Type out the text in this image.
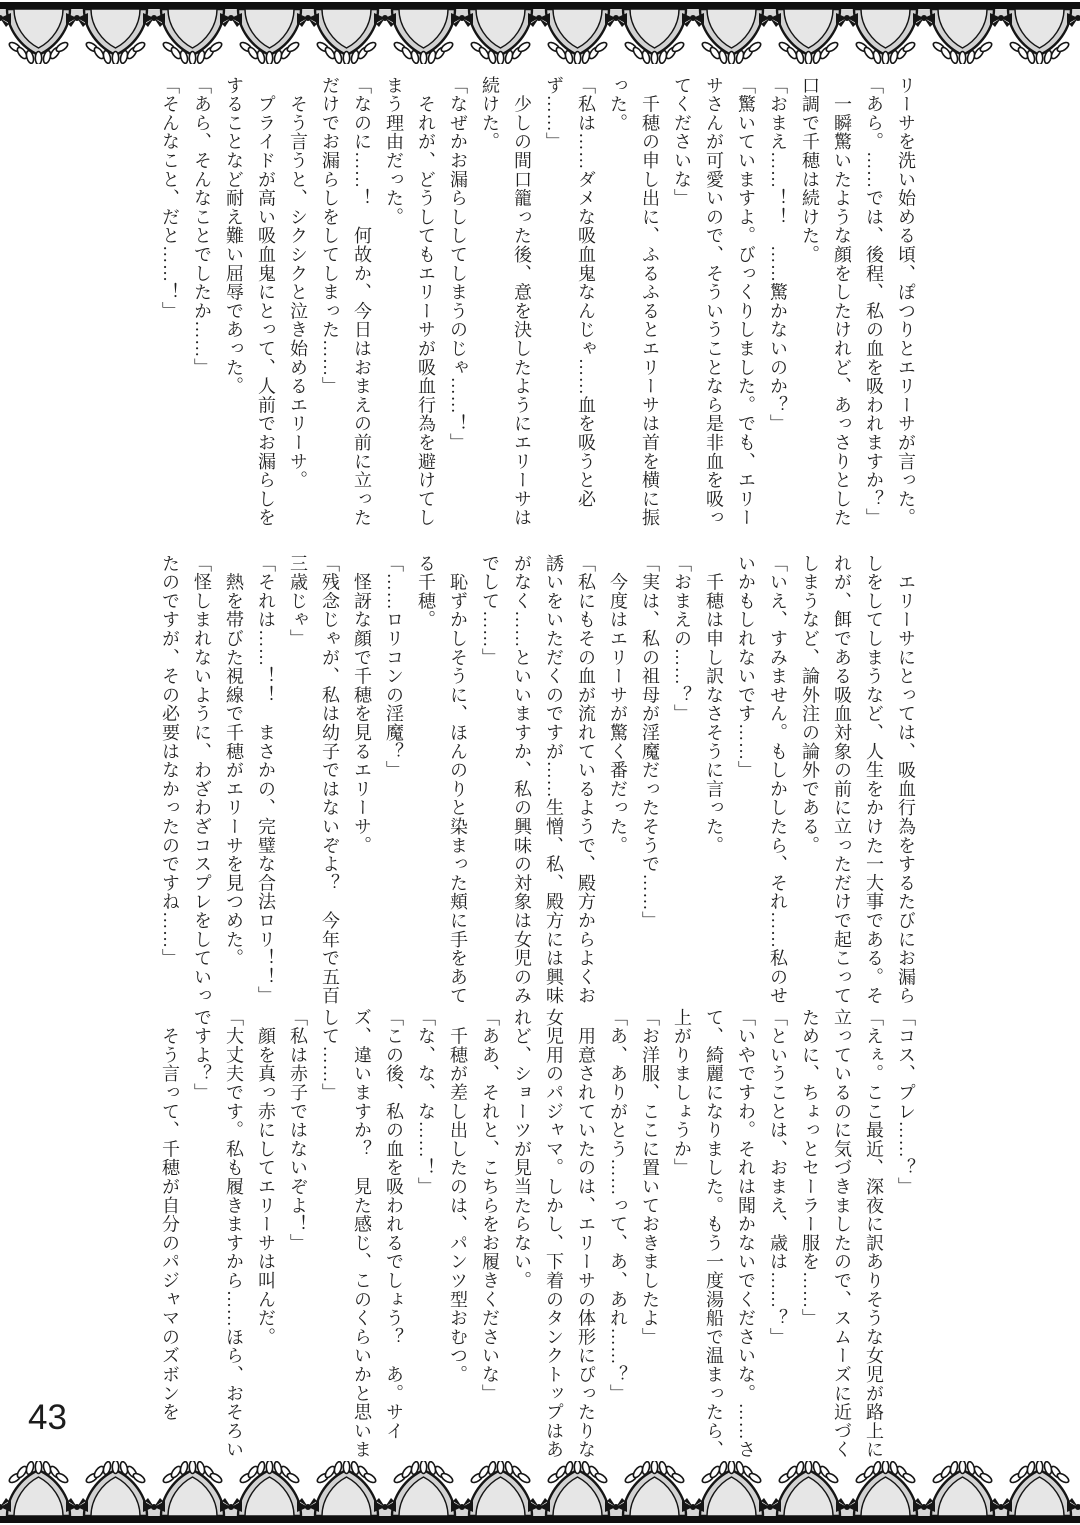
リーサを洗い始める頃、ぽつりとエリーサが言った。

「あら。……では、後程、私の血を吸われますか？」

　一瞬驚いたような顔をしたけれど、あっさりとした口調で千穂は続けた。

「おまえ……！！　……驚かないのか？」

「驚いていますよ。びっくりしました。でも、エリーサさんが可愛いので、そういうことなら是非血を吸ってくださいな」

　千穂の申し出に、ふるふるとエリーサは首を横に振った。

「私は……ダメな吸血鬼なんじゃ……血を吸うと必ず……」

　少しの間口籠った後、意を決したようにエリーサは続けた。

「なぜかお漏らししてしまうのじゃ……！」

　それが、どうしてもエリーサが吸血行為を避けてしまう理由だった。

「なのに……！　何故か、今日はおまえの前に立っただけでお漏らしをしてしまった……」

　そう言うと、シクシクと泣き始めるエリーサ。

　プライドが高い吸血鬼にとって、人前でお漏らしをすることなど耐え難い屈辱であった。

「あら、そんなことでしたか……」

「そんなこと、だと……！」

　エリーサにとっては、吸血行為をするたびにお漏らしをしてしまうなど、人生をかけた一大事である。それが、餌である吸血対象の前に立っただけで起こってしまうなど、論外注の論外である。

「いえ、すみません。もしかしたら、それ……私のせいかもしれないです……」

　千穂は申し訳なさそうに言った。

「おまえの……？」

「実は、私の祖母が淫魔だったそうで……」

　今度はエリーサが驚く番だった。

「私にもその血が流れているようで、殿方からよくお誘いをいただくのですが……生憎、私、殿方には興味がなく……といいますか、私の興味の対象は女児のみでして……」

　恥ずかしそうに、ほんのりと染まった頬に手をあてる千穂。

「……ロリコンの淫魔？」

　怪訝な顔で千穂を見るエリーサ。

「残念じゃが、私は幼子ではないぞよ？　今年で五百三歳じゃ」

「それは……！！　まさかの、完璧な合法ロリ！！」

　熱を帯びた視線で千穂がエリーサを見つめた。

「怪しまれないように、わざわざコスプレをしていったのですが、その必要はなかったのですね……」

「コス、プレ……？」

「えぇ。ここ最近、深夜に訳ありそうな女児が路上に立っているのに気づきましたので、スムーズに近づくために、ちょっとセーラー服を……」

「ということは、おまえ、歳は……？」

「いやですわ。それは聞かないでくださいな。……さて、綺麗になりました。もう一度湯船で温まったら、上がりましょうか」

「お洋服、ここに置いておきましたよ」

「あ、ありがとう……って、あ、あれ……？」

　用意されていたのは、エリーサの体形にぴったりな女児用のパジャマ。しかし、下着のタンクトップはあれど、ショーツが見当たらない。

「ああ、それと、こちらをお履きくださいな」

　千穂が差し出したのは、パンツ型おむつ。

「な、な、な……！」

「この後、私の血を吸われるでしょう？　あ。サイズ、違いますか？　見た感じ、このくらいかと思いまして……」

「私は赤子ではないぞよ！」

　顔を真っ赤にしてエリーサは叫んだ。

「大丈夫です。私も履きますから……ほら、おそろいですよ？」

　そう言って、千穂が自分のパジャマのズボンを

43
